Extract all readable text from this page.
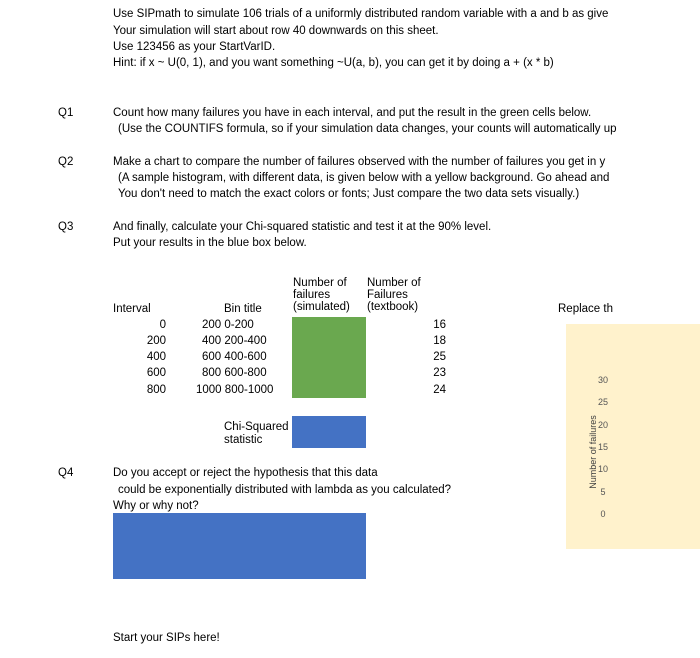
Use SIPmath to simulate 106 trials of a uniformly distributed random variable with a and b as give
Your simulation will start about row 40 downwards on this sheet.
Use 123456 as your StartVarID.
Hint: if x ~ U(0, 1), and you want something ~U(a, b), you can get it by doing a + (x * b)
Q1	Count how many failures you have in each interval, and put the result in the green cells below.
(Use the COUNTIFS formula, so if your simulation data changes, your counts will automatically up
Q2	Make a chart to compare the number of failures observed with the number of failures you get in y
(A sample histogram, with different data, is given below with a yellow background. Go ahead and
You don't need to match the exact colors or fonts; Just compare the two data sets visually.)
Q3	And finally, calculate your Chi-squared statistic and test it at the 90% level.
Put your results in the blue box below.
Number of
failures
(simulated)
Number of
Failures
(textbook)
Interval	Bin title
0	200 0-200	16
200	400 200-400	18
400	600 400-600	25
600	800 600-800	23
800	1000 800-1000	24
Chi-Squared
statistic
Q4	Do you accept or reject the hypothesis that this data
could be exponentially distributed with lambda as you calculated?
Why or why not?
Start your SIPs here!
Replace th
Number of failures
30
25
20
15
10
5
0
